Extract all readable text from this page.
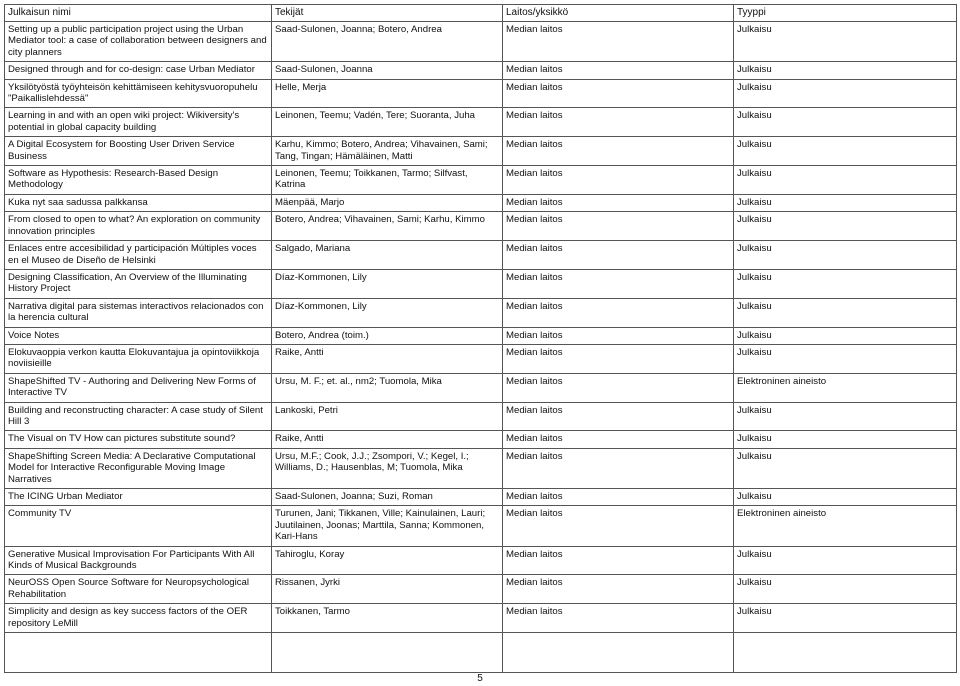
Julkaisun nimi	Tekijät	Laitos/yksikkö	Tyyppi
Setting up a public participation project using the Urban Mediator tool: a case of collaboration between designers and city planners	Saad-Sulonen, Joanna; Botero, Andrea	Median laitos	Julkaisu
Designed through and for co-design: case Urban Mediator	Saad-Sulonen, Joanna	Median laitos	Julkaisu
Yksilötyöstä työyhteisön kehittämiseen kehitysvuoropuhelu "Paikallislehdessä"	Helle, Merja	Median laitos	Julkaisu
Learning in and with an open wiki project: Wikiversity's potential in global capacity building	Leinonen, Teemu; Vadén, Tere; Suoranta, Juha	Median laitos	Julkaisu
A Digital Ecosystem for Boosting User Driven Service Business	Karhu, Kimmo; Botero, Andrea; Vihavainen, Sami; Tang, Tingan; Hämäläinen, Matti	Median laitos	Julkaisu
Software as Hypothesis: Research-Based Design Methodology	Leinonen, Teemu; Toikkanen, Tarmo; Silfvast, Katrina	Median laitos	Julkaisu
Kuka nyt saa sadussa palkkansa	Mäenpää, Marjo	Median laitos	Julkaisu
From closed to open to what? An exploration on community innovation principles	Botero, Andrea; Vihavainen, Sami; Karhu, Kimmo	Median laitos	Julkaisu
Enlaces entre accesibilidad y participación Múltiples voces en el Museo de Diseño de Helsinki	Salgado, Mariana	Median laitos	Julkaisu
Designing Classification, An Overview of the Illuminating History Project	Díaz-Kommonen, Lily	Median laitos	Julkaisu
Narrativa digital para sistemas interactivos relacionados con la herencia cultural	Díaz-Kommonen, Lily	Median laitos	Julkaisu
Voice Notes	Botero, Andrea (toim.)	Median laitos	Julkaisu
Elokuvaoppia verkon kautta Elokuvantajua ja opintoviikkoja noviisieille	Raike, Antti	Median laitos	Julkaisu
ShapeShifted TV - Authoring and Delivering New Forms of Interactive TV	Ursu, M. F.; et. al., nm2; Tuomola, Mika	Median laitos	Elektroninen aineisto
Building and reconstructing character: A case study of Silent Hill 3	Lankoski, Petri	Median laitos	Julkaisu
The Visual on TV How can pictures substitute sound?	Raike, Antti	Median laitos	Julkaisu
ShapeShifting Screen Media: A Declarative Computational Model for Interactive Reconfigurable Moving Image Narratives	Ursu, M.F.; Cook, J.J.; Zsompori, V.; Kegel, I.; Williams, D.; Hausenblas, M; Tuomola, Mika	Median laitos	Julkaisu
The ICING Urban Mediator	Saad-Sulonen, Joanna; Suzi, Roman	Median laitos	Julkaisu
Community TV	Turunen, Jani; Tikkanen, Ville; Kainulainen, Lauri; Juutilainen, Joonas; Marttila, Sanna; Kommonen, Kari-Hans	Median laitos	Elektroninen aineisto
Generative Musical Improvisation For Participants With All Kinds of Musical Backgrounds	Tahiroglu, Koray	Median laitos	Julkaisu
NeurOSS Open Source Software for Neuropsychological Rehabilitation	Rissanen, Jyrki	Median laitos	Julkaisu
Simplicity and design as key success factors of the OER repository LeMill	Toikkanen, Tarmo	Median laitos	Julkaisu

5
